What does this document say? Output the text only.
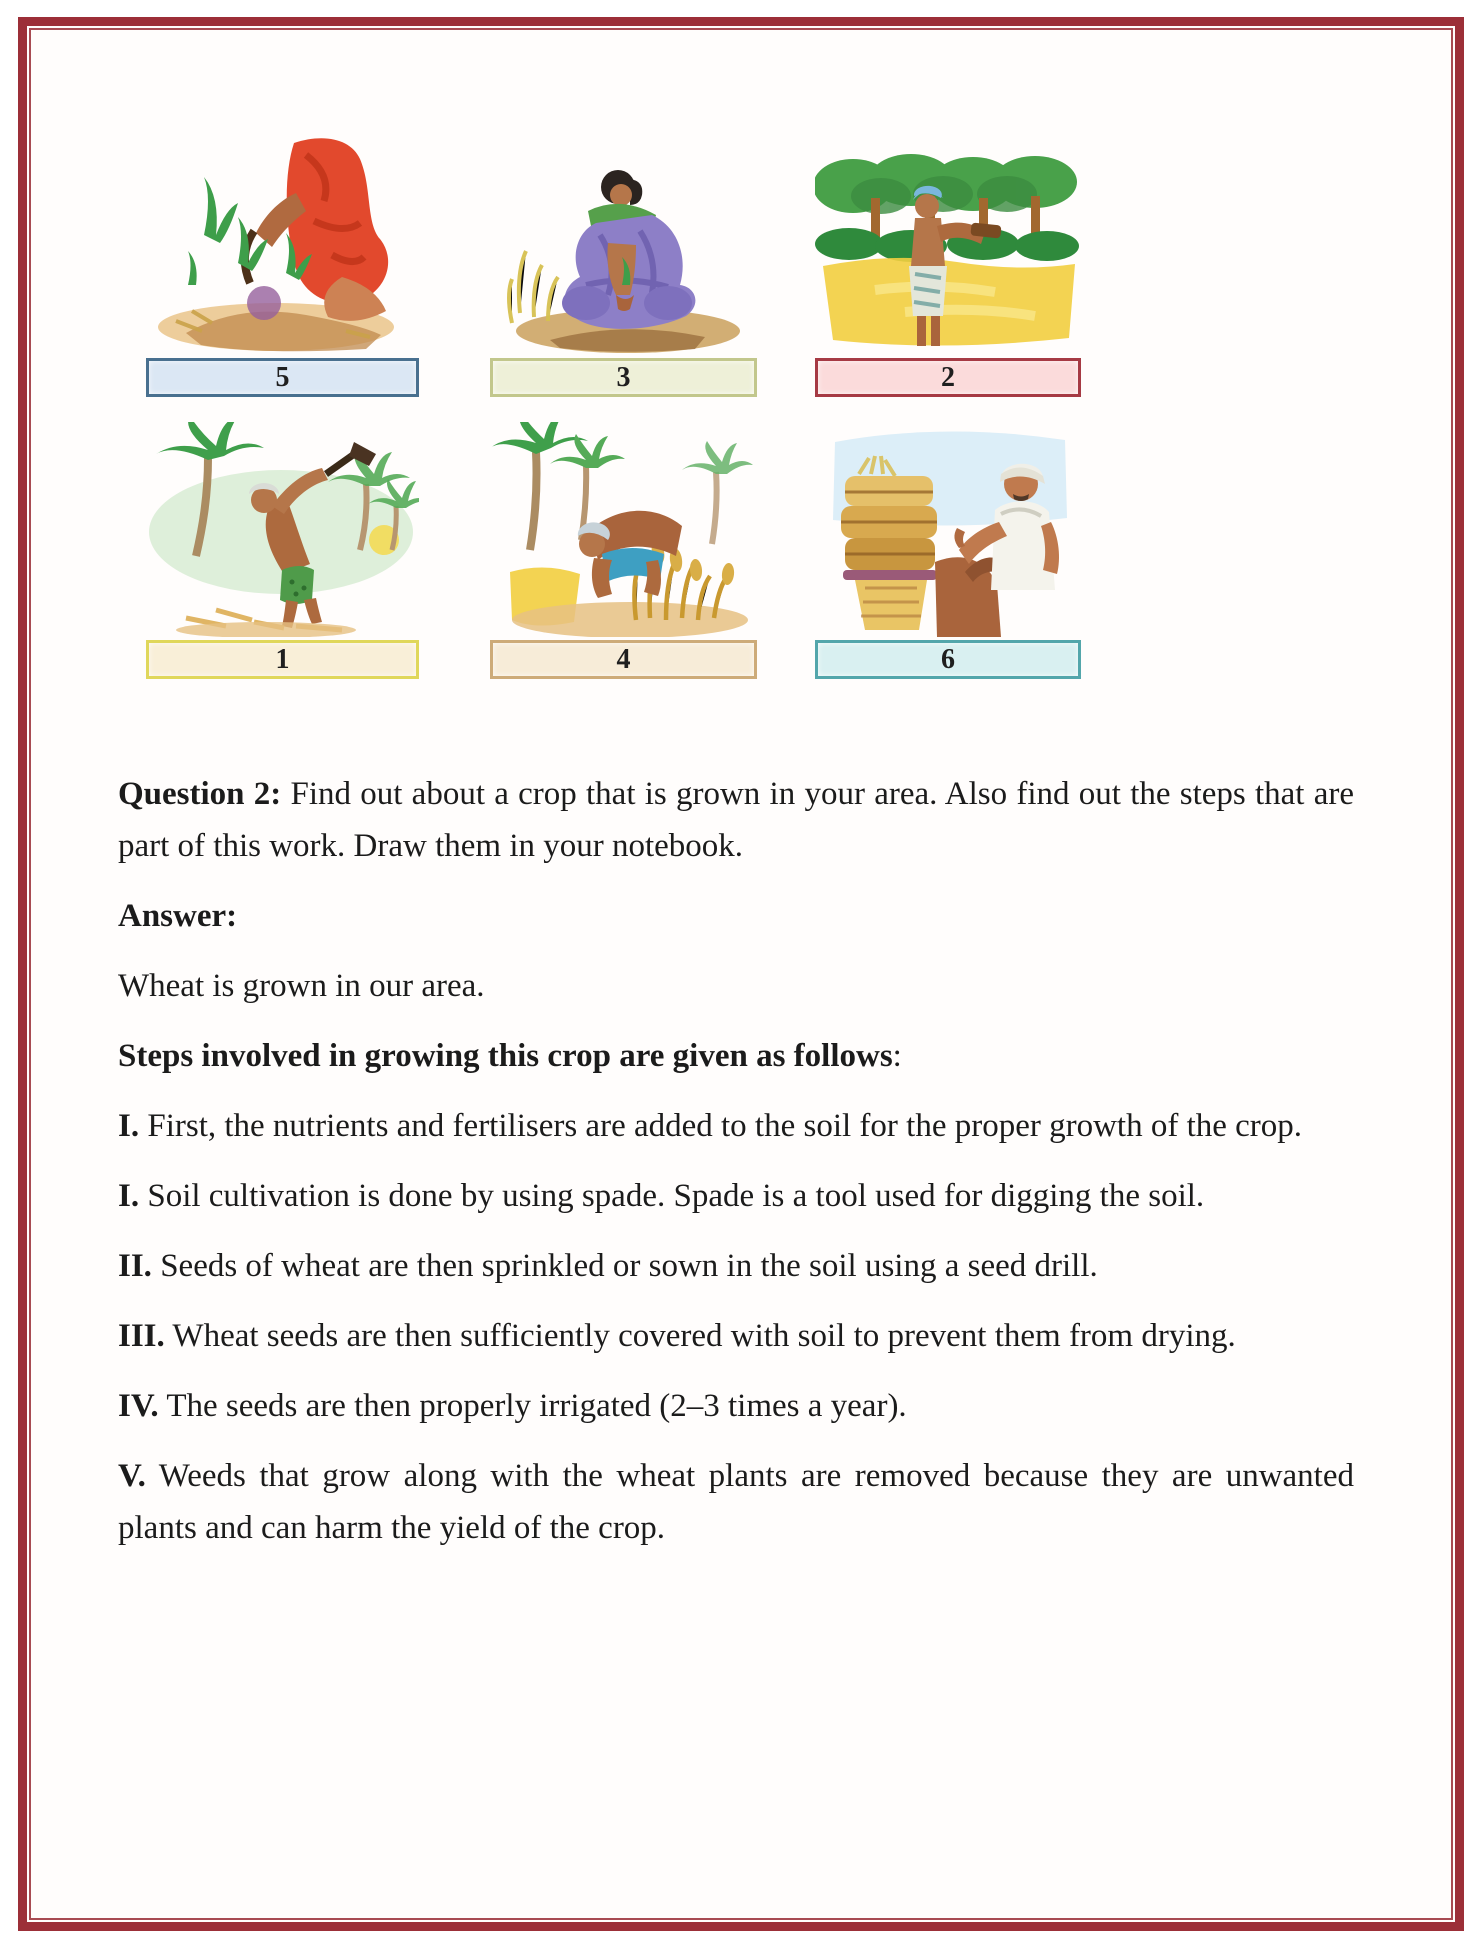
5	3	2
1	4	6

Question 2: Find out about a crop that is grown in your area. Also find out the steps that are part of this work. Draw them in your notebook.

Answer:

Wheat is grown in our area.

Steps involved in growing this crop are given as follows:

I. First, the nutrients and fertilisers are added to the soil for the proper growth of the crop.

I. Soil cultivation is done by using spade. Spade is a tool used for digging the soil.

II. Seeds of wheat are then sprinkled or sown in the soil using a seed drill.

III. Wheat seeds are then sufficiently covered with soil to prevent them from drying.

IV. The seeds are then properly irrigated (2–3 times a year).

V. Weeds that grow along with the wheat plants are removed because they are unwanted plants and can harm the yield of the crop.
